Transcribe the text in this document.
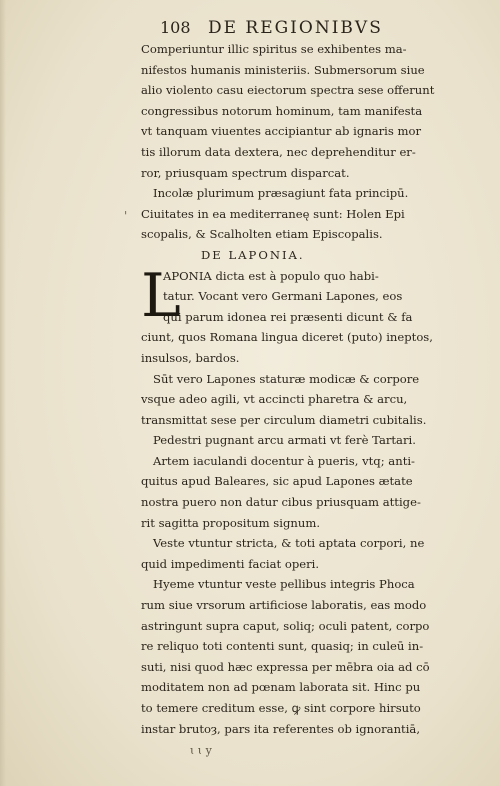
108 DE REGIONIBVS
'
Comperiuntur illic spiritus se exhibentes ma-
nifestos humanis ministeriis. Submersorum siue
alio violento casu eiectorum spectra sese offerunt
congressibus notorum hominum, tam manifesta
vt tanquam viuentes accipiantur ab ignaris mor
tis illorum data dextera, nec deprehenditur er-
ror, priusquam spectrum disparcat.
Incolæ plurimum præsagiunt fata principū.
Ciuitates in ea mediterraneę sunt: Holen Epi
scopalis, & Scalholten etiam Episcopalis.
DE LAPONIA.
L
APONIA dicta est à populo quo habi-
tatur. Vocant vero Germani Lapones, eos
qui parum idonea rei præsenti dicunt & fa
ciunt, quos Romana lingua diceret (puto) ineptos,
insulsos, bardos.
Sūt vero Lapones staturæ modicæ & corpore
vsque adeo agili, vt accincti pharetra & arcu,
transmittat sese per circulum diametri cubitalis.
Pedestri pugnant arcu armati vt ferè Tartari.
Artem iaculandi docentur à pueris, vtq; anti-
quitus apud Baleares, sic apud Lapones ætate
nostra puero non datur cibus priusquam attige-
rit sagitta propositum signum.
Veste vtuntur stricta, & toti aptata corpori, ne
quid impedimenti faciat operi.
Hyeme vtuntur veste pellibus integris Phoca
rum siue vrsorum artificiose laboratis, eas modo
astringunt supra caput, soliq; oculi patent, corpo
re reliquo toti contenti sunt, quasiq; in culeū in-
suti, nisi quod hæc expressa per mēbra oia ad cō
moditatem non ad pœnam laborata sit. Hinc pu
to temere creditum esse, ꝙ sint corpore hirsuto
instar brutoȝ, pars ita referentes ob ignorantiā,
ɩ ɩ y
